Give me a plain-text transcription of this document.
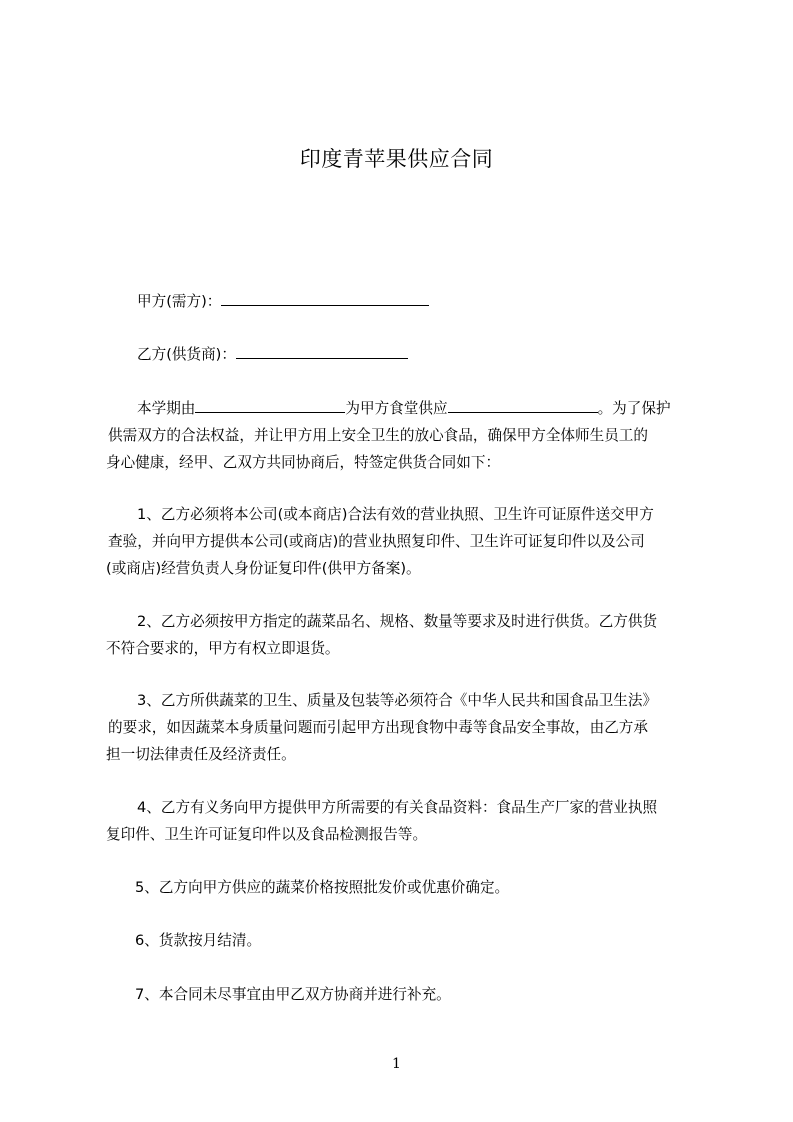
印度青苹果供应合同
甲方(需方)：
乙方(供货商)：
本学期由	为甲方食堂供应	。为了保护
供需双方的合法权益，并让甲方用上安全卫生的放心食品，确保甲方全体师生员工的
身心健康，经甲、乙双方共同协商后，特签定供货合同如下：
1、乙方必须将本公司(或本商店)合法有效的营业执照、卫生许可证原件送交甲方
查验，并向甲方提供本公司(或商店)的营业执照复印件、卫生许可证复印件以及公司
(或商店)经营负责人身份证复印件(供甲方备案)。
2、乙方必须按甲方指定的蔬菜品名、规格、数量等要求及时进行供货。乙方供货
不符合要求的，甲方有权立即退货。
3、乙方所供蔬菜的卫生、质量及包装等必须符合《中华人民共和国食品卫生法》
的要求，如因蔬菜本身质量问题而引起甲方出现食物中毒等食品安全事故，由乙方承
担一切法律责任及经济责任。
4、乙方有义务向甲方提供甲方所需要的有关食品资料：食品生产厂家的营业执照
复印件、卫生许可证复印件以及食品检测报告等。
5、乙方向甲方供应的蔬菜价格按照批发价或优惠价确定。
6、货款按月结清。
7、本合同未尽事宜由甲乙双方协商并进行补充。
1
